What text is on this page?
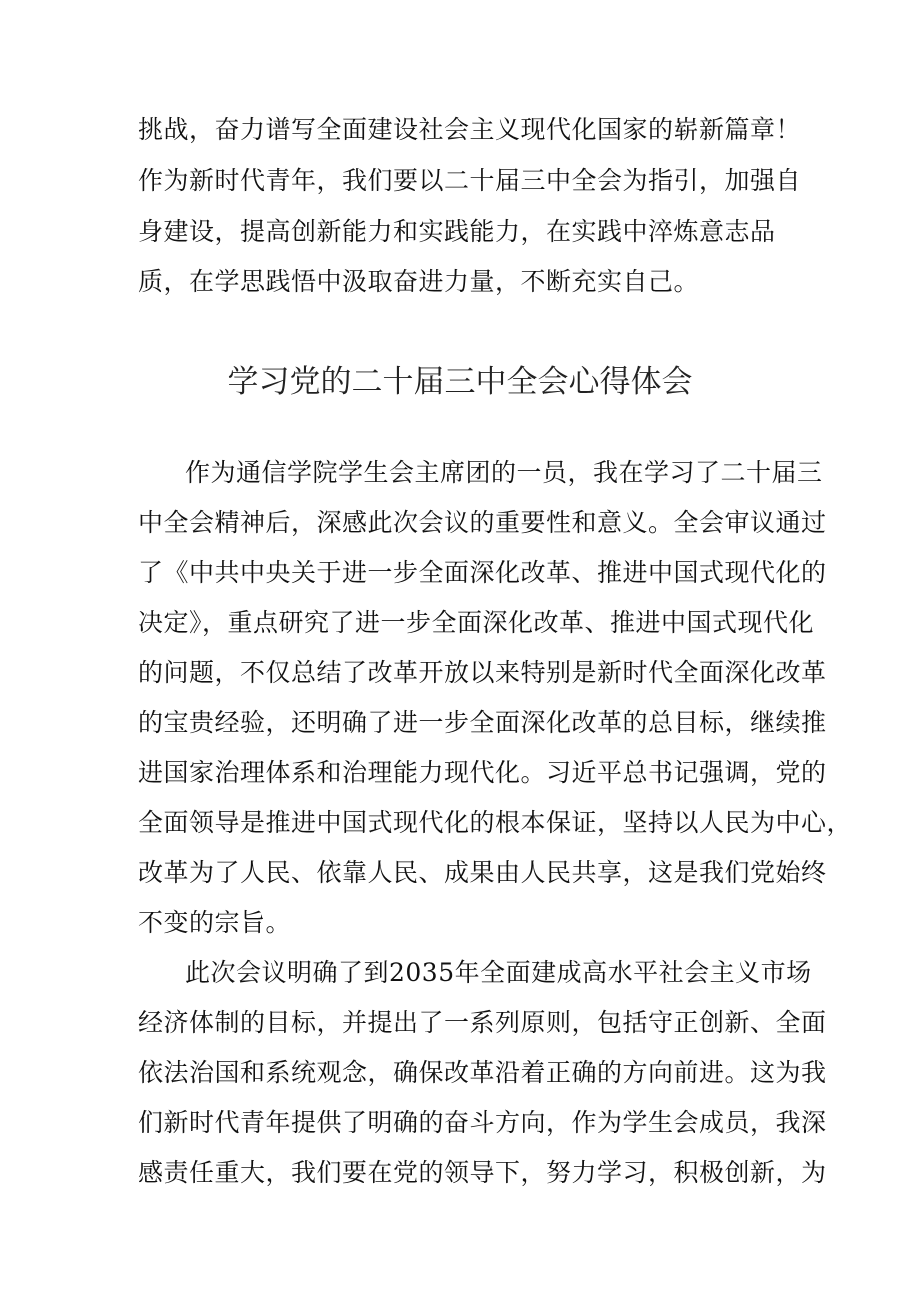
挑战，奋力谱写全面建设社会主义现代化国家的崭新篇章！
作为新时代青年，我们要以二十届三中全会为指引，加强自
身建设，提高创新能力和实践能力，在实践中淬炼意志品
质，在学思践悟中汲取奋进力量，不断充实自己。
学习党的二十届三中全会心得体会
作为通信学院学生会主席团的一员，我在学习了二十届三
中全会精神后，深感此次会议的重要性和意义。全会审议通过
了《中共中央关于进一步全面深化改革、推进中国式现代化的
决定》，重点研究了进一步全面深化改革、推进中国式现代化
的问题，不仅总结了改革开放以来特别是新时代全面深化改革
的宝贵经验，还明确了进一步全面深化改革的总目标，继续推
进国家治理体系和治理能力现代化。习近平总书记强调，党的
全面领导是推进中国式现代化的根本保证，坚持以人民为中心，
改革为了人民、依靠人民、成果由人民共享，这是我们党始终
不变的宗旨。
此次会议明确了到2035年全面建成高水平社会主义市场
经济体制的目标，并提出了一系列原则，包括守正创新、全面
依法治国和系统观念，确保改革沿着正确的方向前进。这为我
们新时代青年提供了明确的奋斗方向，作为学生会成员，我深
感责任重大，我们要在党的领导下，努力学习，积极创新，为
